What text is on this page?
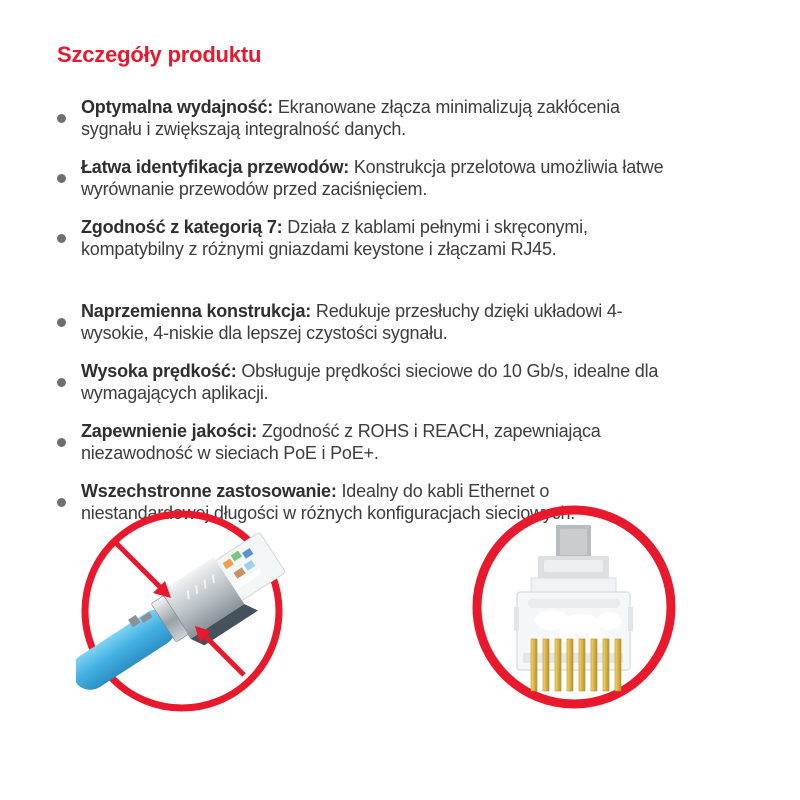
Szczegóły produktu

Optymalna wydajność: Ekranowane złącza minimalizują zakłócenia sygnału i zwiększają integralność danych.

Łatwa identyfikacja przewodów: Konstrukcja przelotowa umożliwia łatwe wyrównanie przewodów przed zaciśnięciem.

Zgodność z kategorią 7: Działa z kablami pełnymi i skręconymi, kompatybilny z różnymi gniazdami keystone i złączami RJ45.

Naprzemienna konstrukcja: Redukuje przesłuchy dzięki układowi 4-wysokie, 4-niskie dla lepszej czystości sygnału.

Wysoka prędkość: Obsługuje prędkości sieciowe do 10 Gb/s, idealne dla wymagających aplikacji.

Zapewnienie jakości: Zgodność z ROHS i REACH, zapewniająca niezawodność w sieciach PoE i PoE+.

Wszechstronne zastosowanie: Idealny do kabli Ethernet o niestandardowej długości w różnych konfiguracjach sieciowych.
